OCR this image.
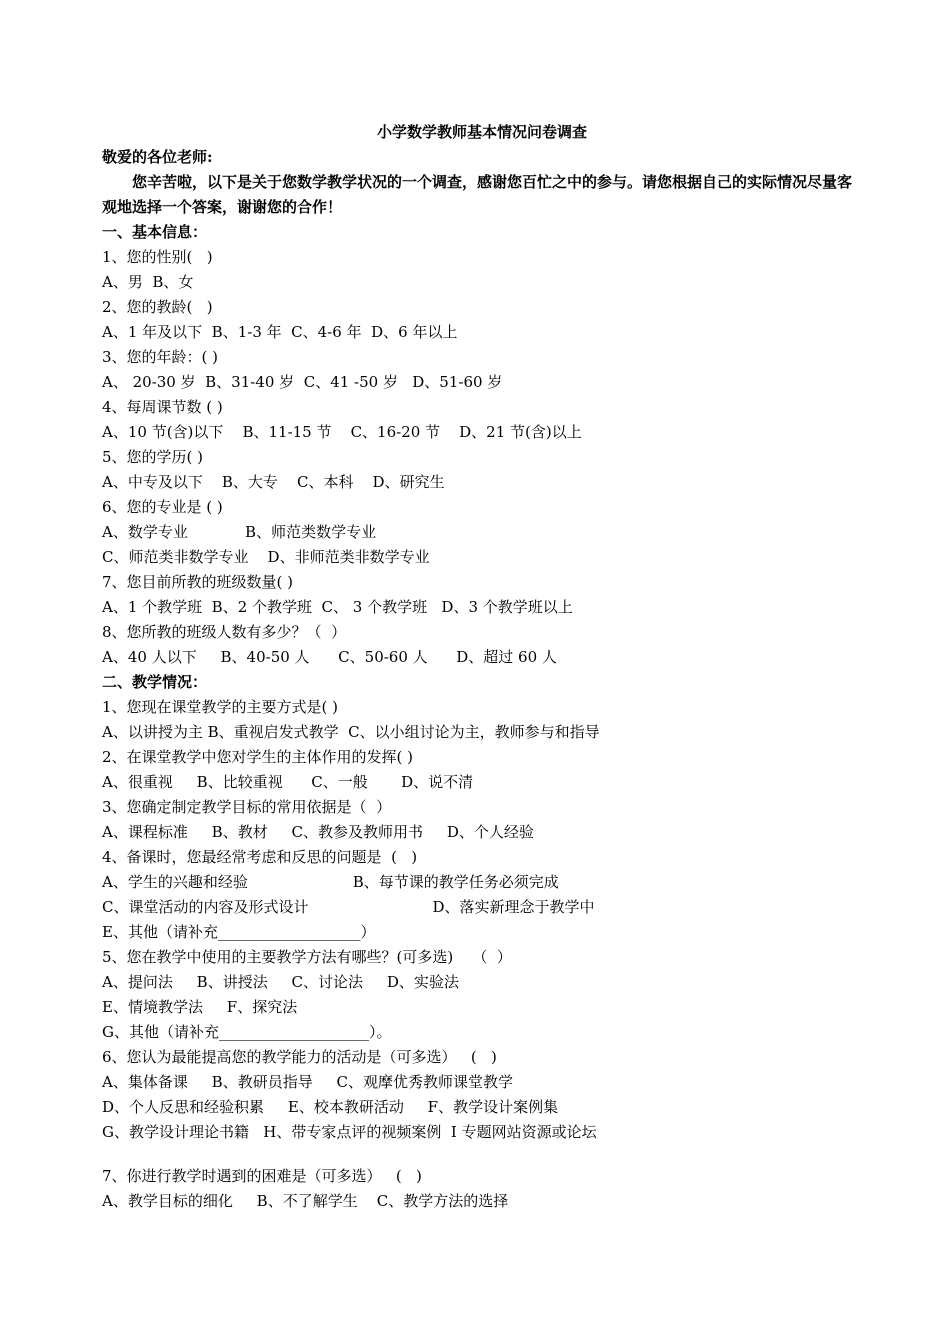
小学数学教师基本情况问卷调查

敬爱的各位老师:

您辛苦啦，以下是关于您数学教学状况的一个调查，感谢您百忙之中的参与。请您根据自己的实际情况尽量客观地选择一个答案，谢谢您的合作！

一、基本信息：

1、您的性别(   )

A、男  B、女

2、您的教龄(   )

A、1 年及以下  B、1-3 年  C、4-6 年  D、6 年以上

3、您的年龄：( )

A、 20-30 岁  B、31-40 岁  C、41 -50 岁   D、51-60 岁

4、每周课节数 ( )

A、10 节(含)以下    B、11-15 节    C、16-20 节    D、21 节(含)以上

5、您的学历( )

A、中专及以下    B、大专    C、本科    D、研究生

6、您的专业是 ( )

A、数学专业            B、师范类数学专业

C、师范类非数学专业    D、非师范类非数学专业

7、您目前所教的班级数量( )

A、1 个教学班  B、2 个教学班  C、 3 个教学班   D、3 个教学班以上

8、您所教的班级人数有多少？（  ）

A、40 人以下     B、40-50 人      C、50-60 人      D、超过 60 人

二、教学情况：

1、您现在课堂教学的主要方式是( )

A、以讲授为主 B、重视启发式教学  C、以小组讨论为主，教师参与和指导

2、在课堂教学中您对学生的主体作用的发挥( )

A、很重视     B、比较重视      C、一般       D、说不清

3、您确定制定教学目标的常用依据是（  ）

A、课程标准     B、教材     C、教参及教师用书     D、个人经验

4、备课时，您最经常考虑和反思的问题是  (   )

A、学生的兴趣和经验                      B、每节课的教学任务必须完成

C、课堂活动的内容及形式设计                          D、落实新理念于教学中

E、其他（请补充___________________）

5、您在教学中使用的主要教学方法有哪些？(可多选)    （  ）

A、提问法     B、讲授法     C、讨论法     D、实验法

E、情境教学法     F、探究法

G、其他（请补充____________________）。

6、您认为最能提高您的教学能力的活动是（可多选）   (   )

A、集体备课     B、教研员指导     C、观摩优秀教师课堂教学

D、个人反思和经验积累     E、校本教研活动     F、教学设计案例集

G、教学设计理论书籍   H、带专家点评的视频案例  I 专题网站资源或论坛

7、你进行教学时遇到的困难是（可多选）   (   )

A、教学目标的细化     B、不了解学生    C、教学方法的选择
